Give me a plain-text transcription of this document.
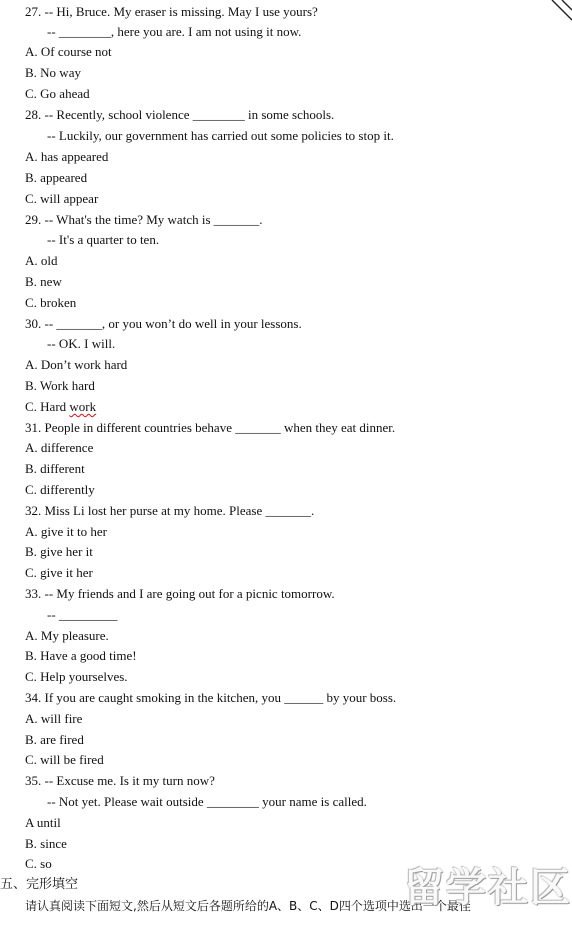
27. -- Hi, Bruce. My eraser is missing. May I use yours?
-- ________, here you are. I am not using it now.
A. Of course not
B. No way
C. Go ahead
28. -- Recently, school violence ________ in some schools.
-- Luckily, our government has carried out some policies to stop it.
A. has appeared
B. appeared
C. will appear
29. -- What's the time? My watch is _______.
-- It's a quarter to ten.
A. old
B. new
C. broken
30. -- _______, or you won’t do well in your lessons.
-- OK. I will.
A. Don’t work hard
B. Work hard
C. Hard work
31. People in different countries behave _______ when they eat dinner.
A. difference
B. different
C. differently
32. Miss Li lost her purse at my home. Please _______.
A. give it to her
B. give her it
C. give it her
33. -- My friends and I are going out for a picnic tomorrow.
-- _________
A. My pleasure.
B. Have a good time!
C. Help yourselves.
34. If you are caught smoking in the kitchen, you ______ by your boss.
A. will fire
B. are fired
C. will be fired
35. -- Excuse me. Is it my turn now?
-- Not yet. Please wait outside ________ your name is called.
A until
B. since
C. so
五、完形填空
请认真阅读下面短文,然后从短文后各题所给的A、B、C、D四个选项中选出一个最佳
留学社区
